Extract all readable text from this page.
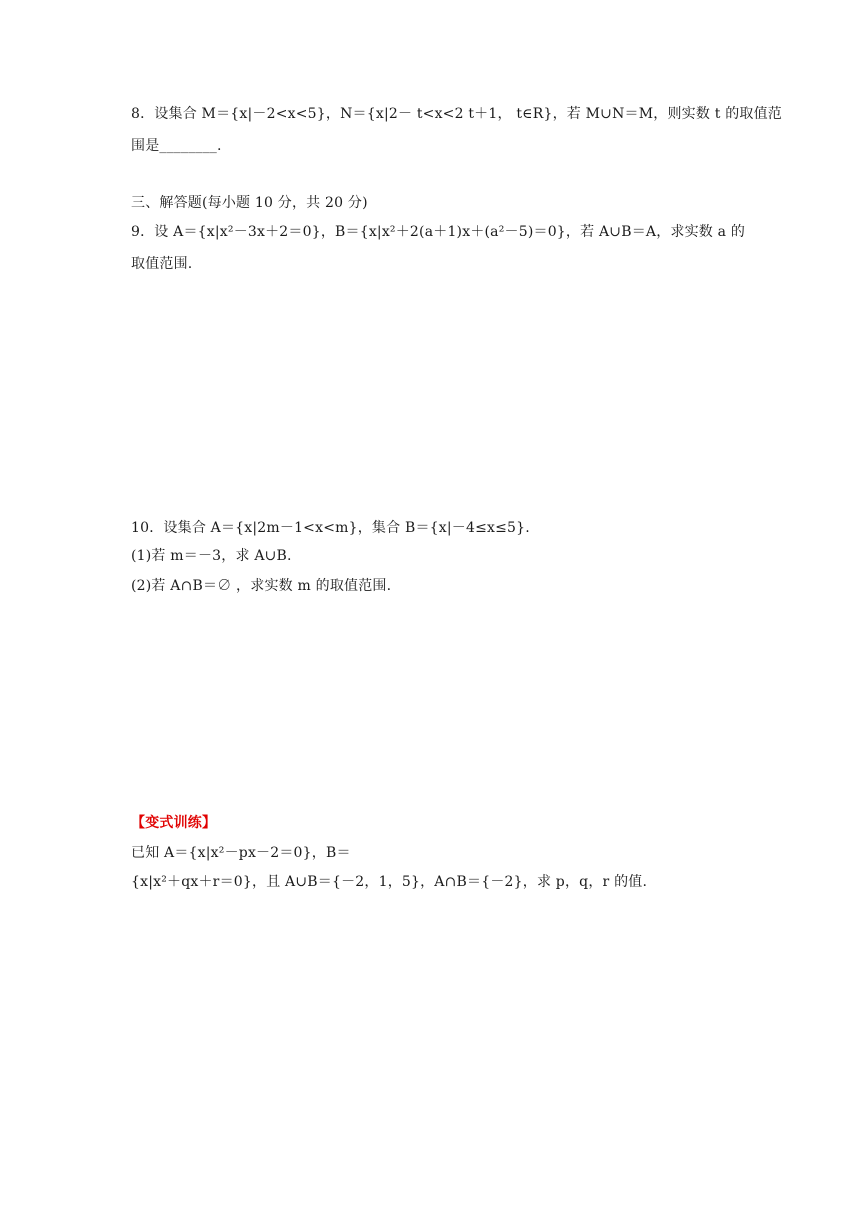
8．设集合 M＝{x|－2<x<5}，N＝{x|2－ t<x<2 t＋1， t∈R}，若 M∪N＝M，则实数 t 的取值范
围是________.
三、解答题(每小题 10 分，共 20 分)
9．设 A＝{x|x²－3x＋2＝0}，B＝{x|x²＋2(a＋1)x＋(a²－5)＝0}，若 A∪B＝A，求实数 a 的
取值范围.
10．设集合 A＝{x|2m－1<x<m}，集合 B＝{x|－4≤x≤5}.
(1)若 m＝－3，求 A∪B.
(2)若 A∩B＝∅ ，求实数 m 的取值范围.
【变式训练】
已知 A＝{x|x²－px－2＝0}，B＝
{x|x²＋qx＋r＝0}，且 A∪B＝{－2，1，5}，A∩B＝{－2}，求 p，q，r 的值.
